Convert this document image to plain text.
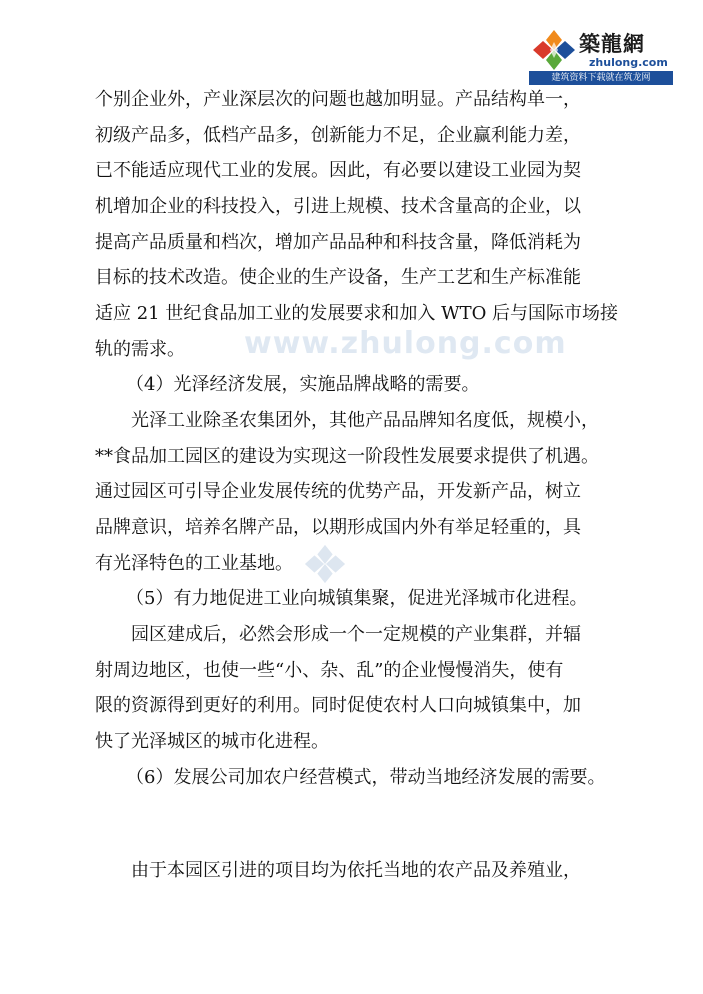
築龍網
zhulong.com
建筑资料下载就在筑龙网
www.zhulong.com
个别企业外，产业深层次的问题也越加明显。产品结构单一，
初级产品多，低档产品多，创新能力不足，企业赢利能力差，
已不能适应现代工业的发展。因此，有必要以建设工业园为契
机增加企业的科技投入，引进上规模、技术含量高的企业，以
提高产品质量和档次，增加产品品种和科技含量，降低消耗为
目标的技术改造。使企业的生产设备，生产工艺和生产标准能
适应 21 世纪食品加工业的发展要求和加入 WTO 后与国际市场接
轨的需求。
（4）光泽经济发展，实施品牌战略的需要。
光泽工业除圣农集团外，其他产品品牌知名度低，规模小，
**食品加工园区的建设为实现这一阶段性发展要求提供了机遇。
通过园区可引导企业发展传统的优势产品，开发新产品，树立
品牌意识，培养名牌产品，以期形成国内外有举足轻重的，具
有光泽特色的工业基地。
（5）有力地促进工业向城镇集聚，促进光泽城市化进程。
园区建成后，必然会形成一个一定规模的产业集群，并辐
射周边地区，也使一些“小、杂、乱”的企业慢慢消失，使有
限的资源得到更好的利用。同时促使农村人口向城镇集中，加
快了光泽城区的城市化进程。
（6）发展公司加农户经营模式，带动当地经济发展的需要。
由于本园区引进的项目均为依托当地的农产品及养殖业，
